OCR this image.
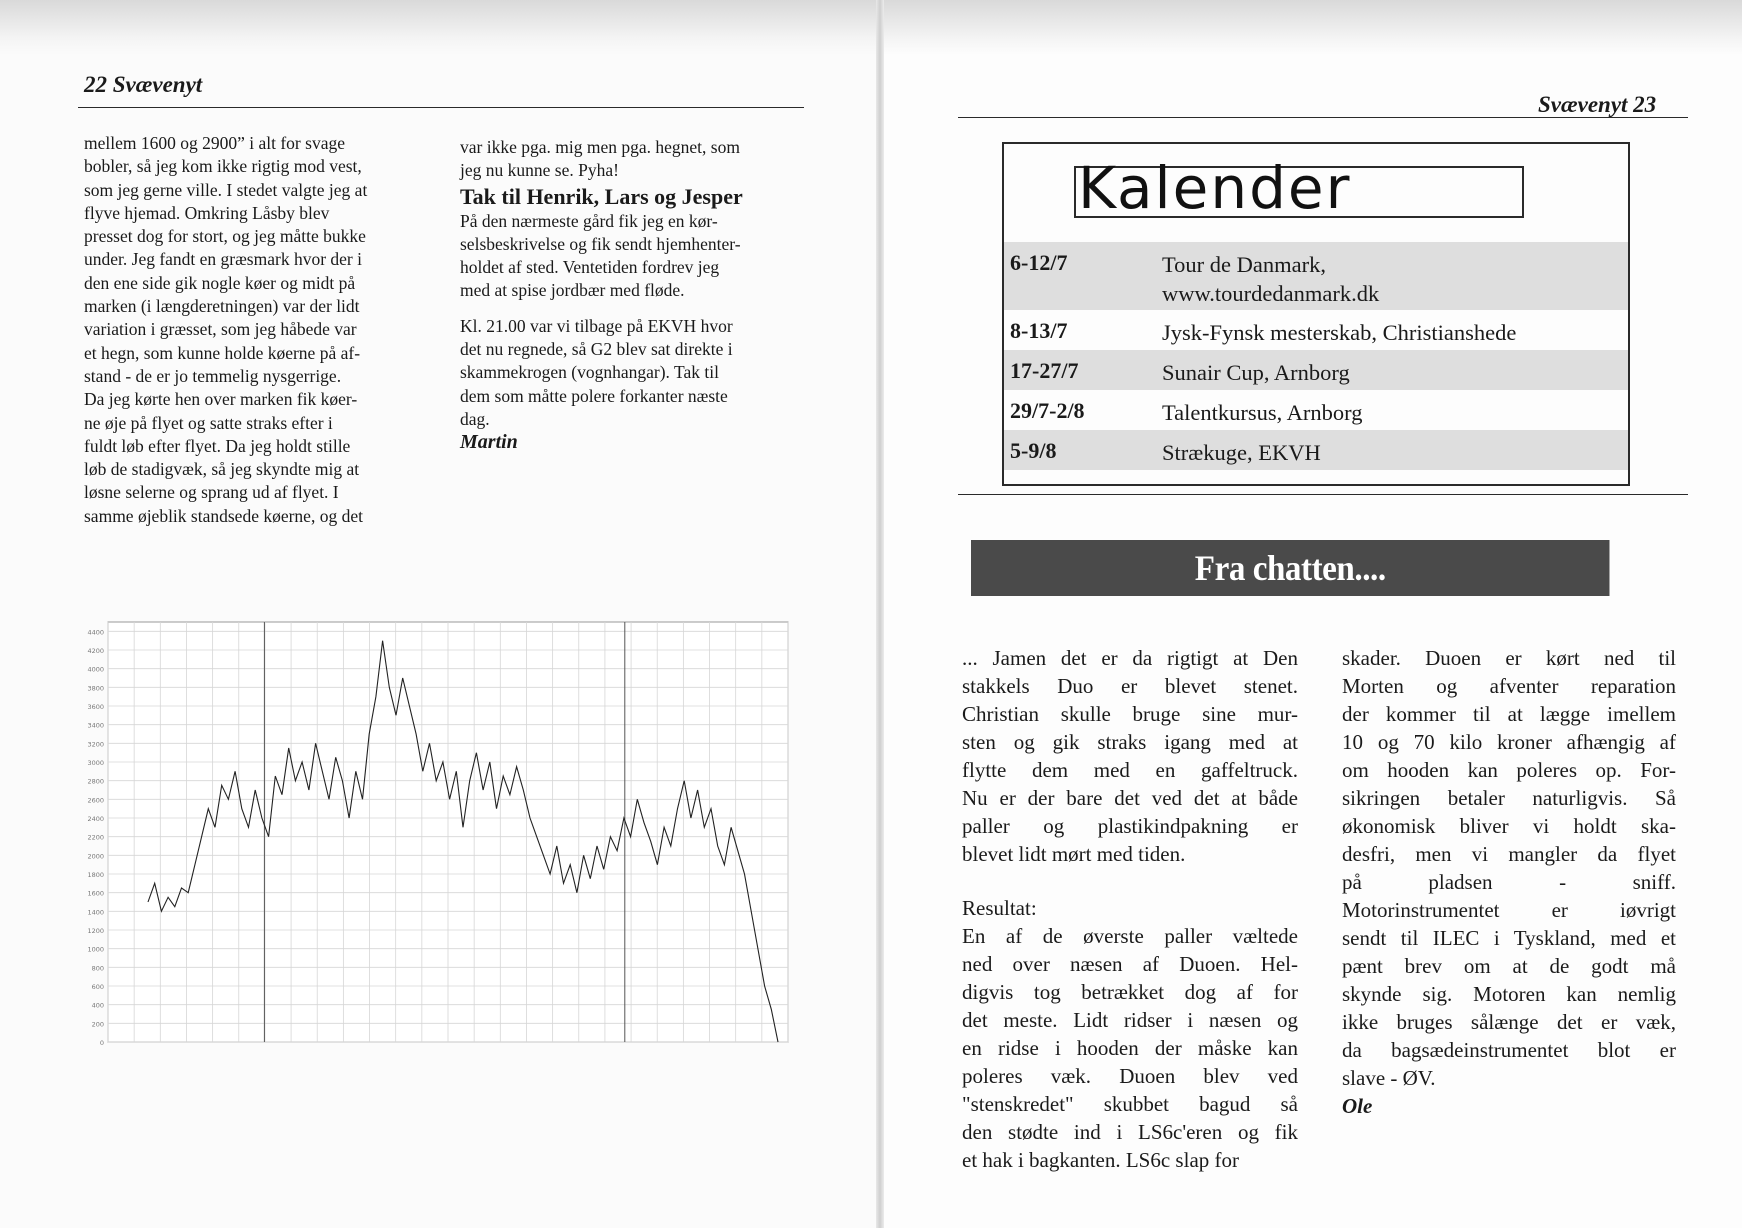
22 Svævenyt

mellem 1600 og 2900” i alt for svage

bobler, så jeg kom ikke rigtig mod vest,

som jeg gerne ville. I stedet valgte jeg at

flyve hjemad. Omkring Låsby blev

presset dog for stort, og jeg måtte bukke

under. Jeg fandt en græsmark hvor der i

den ene side gik nogle køer og midt på

marken (i længderetningen) var der lidt

variation i græsset, som jeg håbede var

et hegn, som kunne holde køerne på af-

stand - de er jo temmelig nysgerrige.

Da jeg kørte hen over marken fik køer-

ne øje på flyet og satte straks efter i

fuldt løb efter flyet. Da jeg holdt stille

løb de stadigvæk, så jeg skyndte mig at

løsne selerne og sprang ud af flyet. I

samme øjeblik standsede køerne, og det

var ikke pga. mig men pga. hegnet, som

jeg nu kunne se. Pyha!

Tak til Henrik, Lars og Jesper

På den nærmeste gård fik jeg en kør-

selsbeskrivelse og fik sendt hjemhenter-

holdet af sted. Ventetiden fordrev jeg

med at spise jordbær med fløde.

Kl. 21.00 var vi tilbage på EKVH hvor

det nu regnede, så G2 blev sat direkte i

skammekrogen (vognhangar). Tak til

dem som måtte polere forkanter næste

dag.

Martin

0
200
400
600
800
1000
1200
1400
1600
1800
2000
2200
2400
2600
2800
3000
3200
3400
3600
3800
4000
4200
4400
Svævenyt 23
Kalender
6-12/7	Tour de Danmark,
www.tourdedanmark.dk
8-13/7	Jysk-Fynsk mesterskab, Christianshede
17-27/7	Sunair Cup, Arnborg
29/7-2/8	Talentkursus, Arnborg
5-9/8	Strækuge, EKVH
Fra chatten....

... Jamen det er da rigtigt at Den

stakkels Duo er blevet stenet.

Christian skulle bruge sine mur-

sten og gik straks igang med at

flytte dem med en gaffeltruck.

Nu er der bare det ved det at både

paller og plastikindpakning er

blevet lidt mørt med tiden.

Resultat:

En af de øverste paller væltede

ned over næsen af Duoen. Hel-

digvis tog betrækket dog af for

det meste. Lidt ridser i næsen og

en ridse i hooden der måske kan

poleres væk. Duoen blev ved

"stenskredet" skubbet bagud så

den stødte ind i LS6c'eren og fik

et hak i bagkanten. LS6c slap for

skader. Duoen er kørt ned til

Morten og afventer reparation

der kommer til at lægge imellem

10 og 70 kilo kroner afhængig af

om hooden kan poleres op. For-

sikringen betaler naturligvis. Så

økonomisk bliver vi holdt ska-

desfri, men vi mangler da flyet

på pladsen - sniff.

Motorinstrumentet er iøvrigt

sendt til ILEC i Tyskland, med et

pænt brev om at de godt må

skynde sig. Motoren kan nemlig

ikke bruges sålænge det er væk,

da bagsædeinstrumentet blot er

slave - ØV.

Ole
